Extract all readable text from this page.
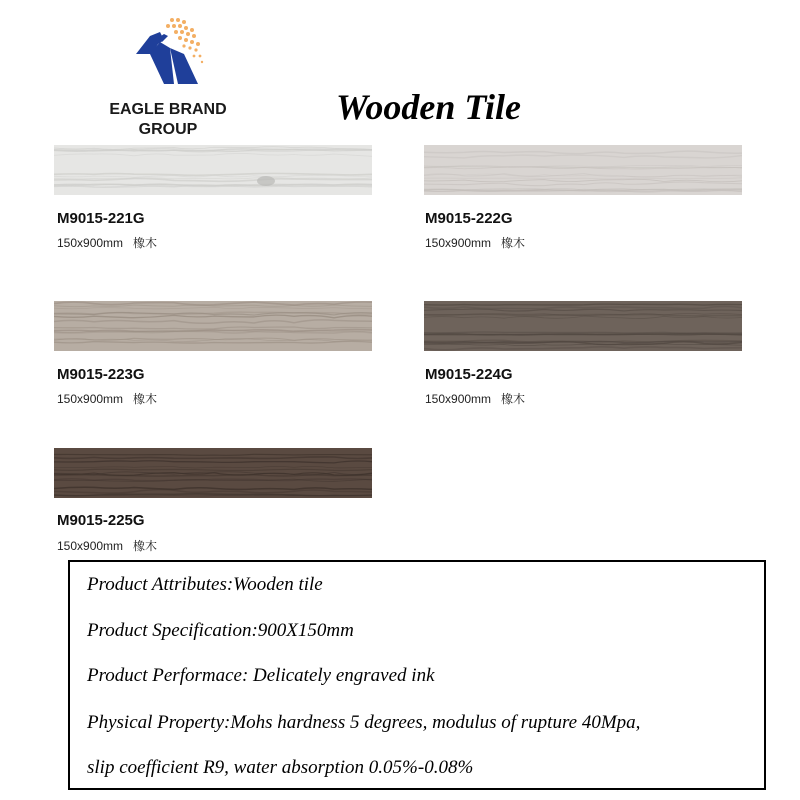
EAGLE BRAND
GROUP
Wooden Tile
M9015-221G
150x900mm 橡木
M9015-222G
150x900mm 橡木
M9015-223G
150x900mm 橡木
M9015-224G
150x900mm 橡木
M9015-225G
150x900mm 橡木
Product Attributes:Wooden tile
Product Specification:900X150mm
Product Performace: Delicately engraved ink
Physical Property:Mohs hardness 5 degrees, modulus of rupture 40Mpa,
slip coefficient R9, water absorption 0.05%-0.08%
